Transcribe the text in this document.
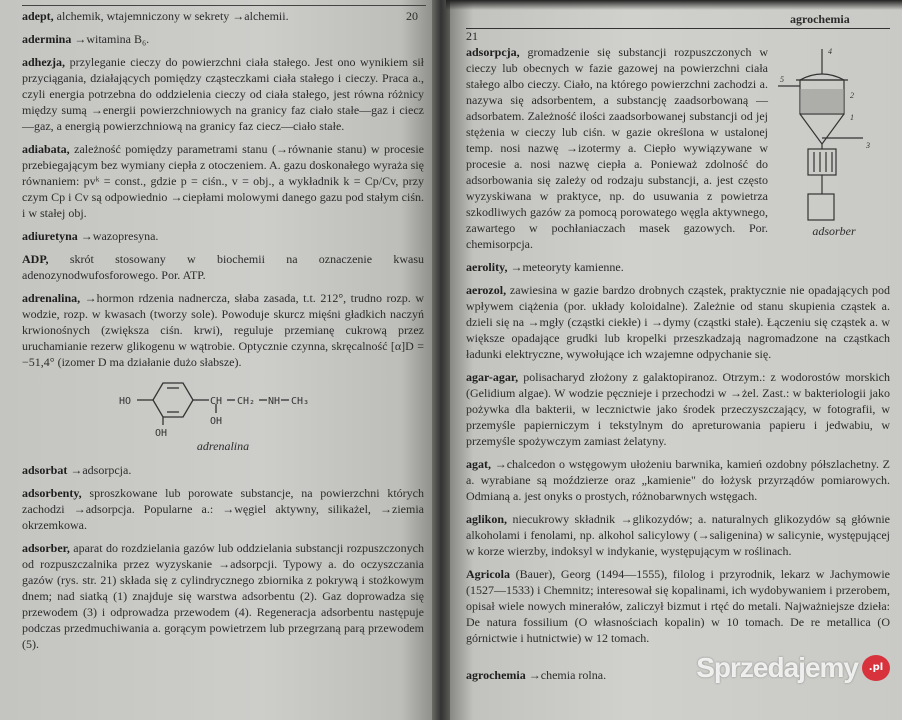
20
adept, alchemik, wtajemniczony w sekrety →alchemii.
adermina →witamina B₆.
adhezja, przyleganie cieczy do powierzchni ciała stałego. Jest ono wynikiem sił przyciągania, działających pomiędzy cząsteczkami ciała stałego i cieczy. Praca a., czyli energia potrzebna do oddzielenia cieczy od ciała stałego, jest równa różnicy między sumą →energii powierzchniowych na granicy faz ciało stałe—gaz i ciecz—gaz, a energią powierzchniową na granicy faz ciecz—ciało stałe.
adiabata, zależność pomiędzy parametrami stanu (→równanie stanu) w procesie przebiegającym bez wymiany ciepła z otoczeniem. A. gazu doskonałego wyraża się równaniem: pvᵏ = const., gdzie p = ciśn., v = obj., a wykładnik k = Cp/Cv, przy czym Cp i Cv są odpowiednio →ciepłami molowymi danego gazu pod stałym ciśn. i w stałej obj.
adiuretyna →wazopresyna.
ADP, skrót stosowany w biochemii na oznaczenie kwasu adenozynodwufosforowego. Por. ATP.
adrenalina, →hormon rdzenia nadnercza, słaba zasada, t.t. 212°, trudno rozp. w wodzie, rozp. w kwasach (tworzy sole). Powoduje skurcz mięśni gładkich naczyń krwionośnych (zwiększa ciśn. krwi), reguluje przemianę cukrową przez uruchamianie rezerw glikogenu w wątrobie. Optycznie czynna, skręcalność [α]D = −51,4° (izomer D ma działanie dużo słabsze).
HO
OH
CH CH₂ NH CH₃
OH
adrenalina
adsorbat →adsorpcja.
adsorbenty, sproszkowane lub porowate substancje, na powierzchni których zachodzi →adsorpcja. Popularne a.: →węgiel aktywny, silikażel, →ziemia okrzemkowa.
adsorber, aparat do rozdzielania gazów lub oddzielania substancji rozpuszczonych od rozpuszczalnika przez wyzyskanie →adsorpcji. Typowy a. do oczyszczania gazów (rys. str. 21) składa się z cylindrycznego zbiornika z pokrywą i stożkowym dnem; nad siatką (1) znajduje się warstwa adsorbentu (2). Gaz doprowadza się przewodem (3) i odprowadza przewodem (4). Regeneracja adsorbentu następuje podczas przedmuchiwania a. gorącym powietrzem lub przegrzaną parą przewodem (5).
agrochemia
21
1
2
3
4
5
adsorber
adsorpcja, gromadzenie się substancji rozpuszczonych w cieczy lub obecnych w fazie gazowej na powierzchni ciała stałego albo cieczy. Ciało, na którego powierzchni zachodzi a. nazywa się adsorbentem, a substancję zaadsorbowaną — adsorbatem. Zależność ilości zaadsorbowanej substancji od jej stężenia w cieczy lub ciśn. w gazie określona w ustalonej temp. nosi nazwę →izotermy a. Ciepło wywiązywane w procesie a. nosi nazwę ciepła a. Ponieważ zdolność do adsorbowania się zależy od rodzaju substancji, a. jest często wyzyskiwana w praktyce, np. do usuwania z powietrza szkodliwych gazów za pomocą porowatego węgla aktywnego, zawartego w pochłaniaczach masek gazowych. Por. chemisorpcja.
aerolity, →meteoryty kamienne.
aerozol, zawiesina w gazie bardzo drobnych cząstek, praktycznie nie opadających pod wpływem ciążenia (por. układy koloidalne). Zależnie od stanu skupienia cząstek a. dzieli się na →mgły (cząstki ciekłe) i →dymy (cząstki stałe). Łączeniu się cząstek a. w większe opadające grudki lub kropelki przeszkadzają nagromadzone na cząstkach ładunki elektryczne, wywołujące ich wzajemne odpychanie się.
agar-agar, polisacharyd złożony z galaktopiranoz. Otrzym.: z wodorostów morskich (Gelidium algae). W wodzie pęcznieje i przechodzi w →żel. Zast.: w bakteriologii jako pożywka dla bakterii, w lecznictwie jako środek przeczyszczający, w fotografii, w przemyśle papierniczym i tekstylnym do apreturowania papieru i jedwabiu, w przemyśle spożywczym zamiast żelatyny.
agat, →chalcedon o wstęgowym ułożeniu barwnika, kamień ozdobny półszlachetny. Z a. wyrabiane są moździerze oraz „kamienie" do łożysk przyrządów pomiarowych. Odmianą a. jest onyks o prostych, różnobarwnych wstęgach.
aglikon, niecukrowy składnik →glikozydów; a. naturalnych glikozydów są głównie alkoholami i fenolami, np. alkohol salicylowy (→saligenina) w salicynie, występującej w korze wierzby, indoksyl w indykanie, występującym w roślinach.
Agricola (Bauer), Georg (1494—1555), filolog i przyrodnik, lekarz w Jachymowie (1527—1533) i Chemnitz; interesował się kopalinami, ich wydobywaniem i przerobem, opisał wiele nowych minerałów, zaliczył bizmut i rtęć do metali. Najważniejsze dzieła: De natura fossilium (O własnościach kopalin) w 10 tomach. De re metallica (O górnictwie i hutnictwie) w 12 tomach.
agrochemia →chemia rolna.	Sprzedajemy	.pl
